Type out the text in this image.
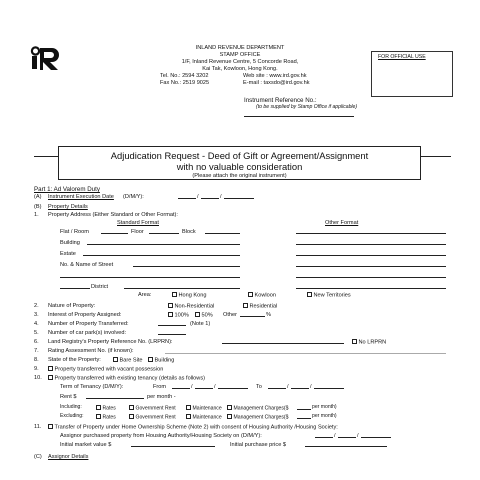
INLAND REVENUE DEPARTMENT
STAMP OFFICE
1/F, Inland Revenue Centre, 5 Concorde Road,
Kai Tak, Kowloon, Hong Kong.
Tel. No.: 2594 3202	Web site : www.ird.gov.hk
Fax No.: 2519 9025	E-mail : taxsdo@ird.gov.hk
FOR OFFICIAL USE
Instrument Reference No.:
(to be supplied by Stamp Office if applicable)
Adjudication Request - Deed of Gift or Agreement/Assignment
with no valuable consideration
(Please attach the original instrument)
Part 1: Ad Valorem Duty
(A) Instrument Execution Date (D/M/Y):	/	/
(B) Property Details
1. Property Address (Either Standard or Other Format):
Standard Format	Other Format
Flat / Room	Floor	Block
Building
Estate
No. & Name of Street
District
Area:	Hong Kong	Kowloon	New Territories
2. Nature of Property:	Non-Residential	Residential
3. Interest of Property Assigned:	100%	50% Other	%
4. Number of Property Transferred:	(Note 1)
5. Number of car park(s) involved:
6. Land Registry's Property Reference No. (LRPRN):	No LRPRN
7. Rating Assessment No. (if known):
8. State of the Property:	Bare Site	Building
9.	Property transferred with vacant possession
10.	Property transferred with existing tenancy (details as follows)
Term of Tenancy (D/M/Y):	From	/	/	To	/	/
Rent $	per month -
Including:	Rates	Government Rent	Maintenance	Management Charges($	per month)
Excluding:	Rates	Government Rent	Maintenance	Management Charges($	per month)
11.	Transfer of Property under Home Ownership Scheme (Note 2) with consent of Housing Authority /Housing Society:
Assignor purchased property from Housing Authority/Housing Society on (D/M/Y):	/	/
Initial market value $	Initial purchase price $
(C) Assignor Details
